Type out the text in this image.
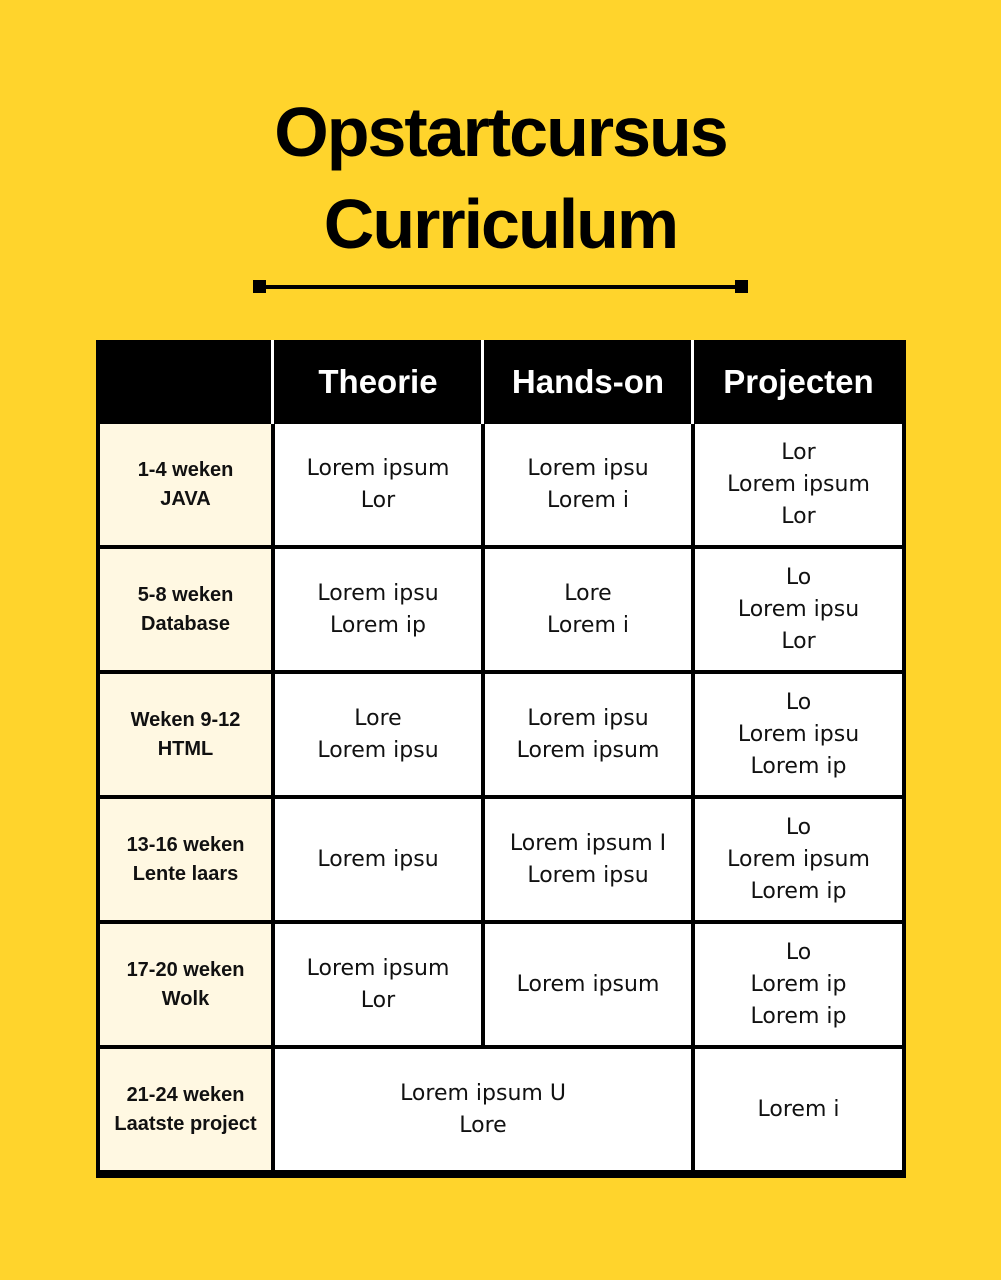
Opstartcursus
Curriculum
Theorie	Hands-on	Projecten
1-4 weken
JAVA
Lorem ipsum
Lor
Lorem ipsu
Lorem i
Lor
Lorem ipsum
Lor
5-8 weken
Database
Lorem ipsu
Lorem ip
Lore
Lorem i
Lo
Lorem ipsu
Lor
Weken 9-12
HTML
Lore
Lorem ipsu
Lorem ipsu
Lorem ipsum
Lo
Lorem ipsu
Lorem ip
13-16 weken
Lente laars
Lorem ipsu
Lorem ipsum I
Lorem ipsu
Lo
Lorem ipsum
Lorem ip
17-20 weken
Wolk
Lorem ipsum
Lor
Lorem ipsum
Lo
Lorem ip
Lorem ip
21-24 weken
Laatste project
Lorem ipsum U
Lore
Lorem i
